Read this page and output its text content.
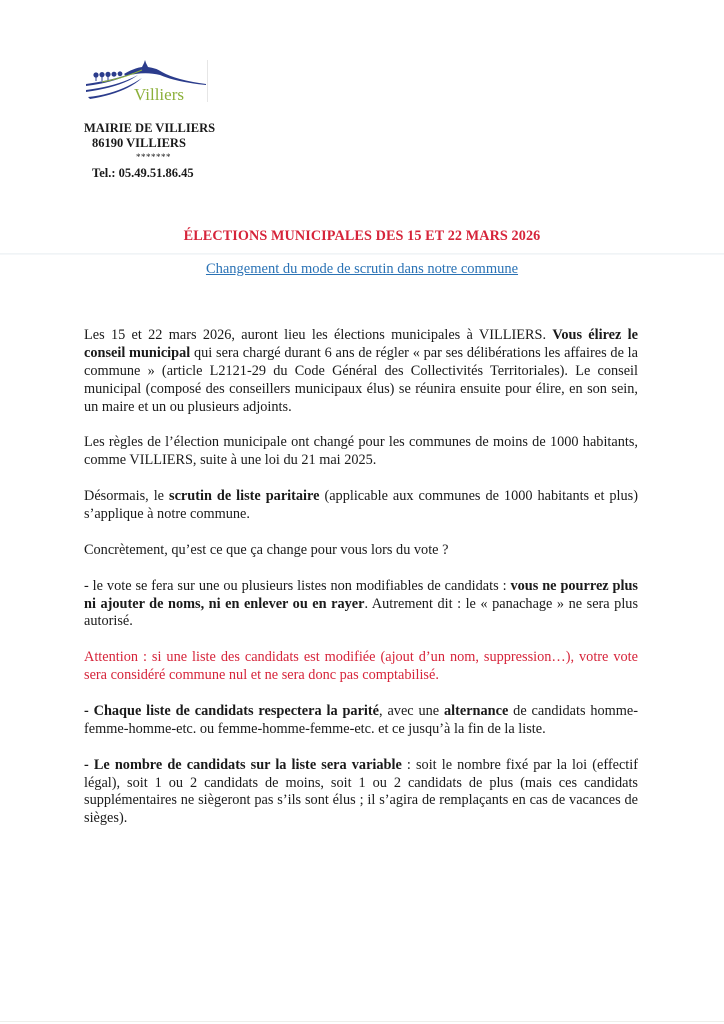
Villiers
MAIRIE DE VILLIERS
86190 VILLIERS
*******
Tel.: 05.49.51.86.45
ÉLECTIONS MUNICIPALES DES 15 ET 22 MARS 2026
Changement du mode de scrutin dans notre commune

Les 15 et 22 mars 2026, auront lieu les élections municipales à VILLIERS. Vous élirez le conseil municipal qui sera chargé durant 6 ans de régler « par ses délibérations les affaires de la commune » (article L2121-29 du Code Général des Collectivités Territoriales). Le conseil municipal (composé des conseillers municipaux élus) se réunira ensuite pour élire, en son sein, un maire et un ou plusieurs adjoints.

Les règles de l’élection municipale ont changé pour les communes de moins de 1000 habitants, comme VILLIERS, suite à une loi du 21 mai 2025.

Désormais, le scrutin de liste paritaire (applicable aux communes de 1000 habitants et plus) s’applique à notre commune.

Concrètement, qu’est ce que ça change pour vous lors du vote ?

- le vote se fera sur une ou plusieurs listes non modifiables de candidats : vous ne pourrez plus ni ajouter de noms, ni en enlever ou en rayer. Autrement dit : le « panachage » ne sera plus autorisé.

Attention : si une liste des candidats est modifiée (ajout d’un nom, suppression…), votre vote sera considéré commune nul et ne sera donc pas comptabilisé.

- Chaque liste de candidats respectera la parité, avec une alternance de candidats homme-femme-homme-etc. ou femme-homme-femme-etc. et ce jusqu’à la fin de la liste.

- Le nombre de candidats sur la liste sera variable : soit le nombre fixé par la loi (effectif légal), soit 1 ou 2 candidats de moins, soit 1 ou 2 candidats de plus (mais ces candidats supplémentaires ne siègeront pas s’ils sont élus ; il s’agira de remplaçants en cas de vacances de sièges).
